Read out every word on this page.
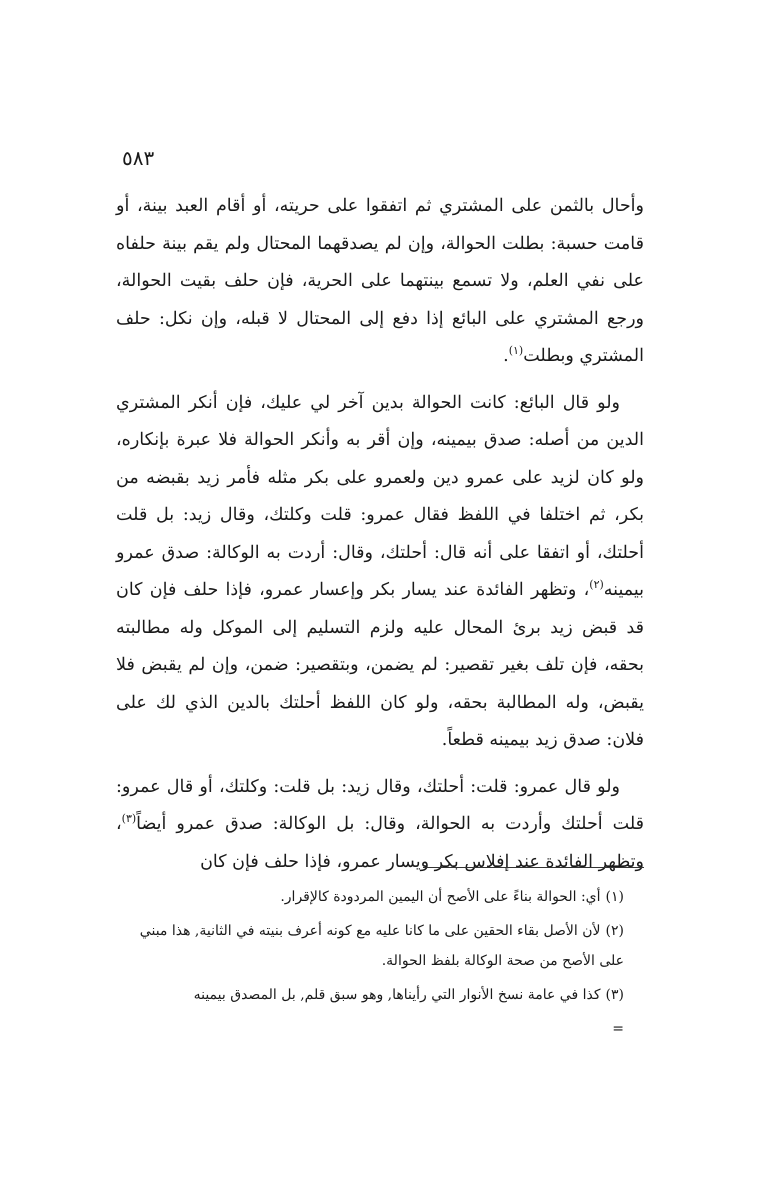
٥٨٣

وأحال بالثمن على المشتري ثم اتفقوا على حريته، أو أقام العبد بينة، أو قامت حسبة: بطلت الحوالة، وإن لم يصدقهما المحتال ولم يقم بينة حلفاه على نفي العلم، ولا تسمع بينتهما على الحرية، فإن حلف بقيت الحوالة، ورجع المشتري على البائع إذا دفع إلى المحتال لا قبله، وإن نكل: حلف المشتري وبطلت$^{(١)}$.

ولو قال البائع: كانت الحوالة بدين آخر لي عليك، فإن أنكر المشتري الدين من أصله: صدق بيمينه، وإن أقر به وأنكر الحوالة فلا عبرة بإنكاره، ولو كان لزيد على عمرو دين ولعمرو على بكر مثله فأمر زيد بقبضه من بكر، ثم اختلفا في اللفظ فقال عمرو: قلت وكلتك، وقال زيد: بل قلت أحلتك، أو اتفقا على أنه قال: أحلتك، وقال: أردت به الوكالة: صدق عمرو بيمينه$^{(٢)}$، وتظهر الفائدة عند يسار بكر وإعسار عمرو، فإذا حلف فإن كان قد قبض زيد برئ المحال عليه ولزم التسليم إلى الموكل وله مطالبته بحقه، فإن تلف بغير تقصير: لم يضمن، وبتقصير: ضمن، وإن لم يقبض فلا يقبض، وله المطالبة بحقه، ولو كان اللفظ أحلتك بالدين الذي لك على فلان: صدق زيد بيمينه قطعاً.

ولو قال عمرو: قلت: أحلتك، وقال زيد: بل قلت: وكلتك، أو قال عمرو: قلت أحلتك وأردت به الحوالة، وقال: بل الوكالة: صدق عمرو أيضاً$^{(٣)}$، وتظهر الفائدة عند إفلاس بكر ويسار عمرو، فإذا حلف فإن كان

(١)أي: الحوالة بناءً على الأصح أن اليمين المردودة كالإقرار.
(٢)لأن الأصل بقاء الحقين على ما كانا عليه مع كونه أعرف بنيته في الثانية, هذا مبني على الأصح من صحة الوكالة بلفظ الحوالة.
(٣)كذا في عامة نسخ الأنوار التي رأيناها, وهو سبق قلم, بل المصدق بيمينه
=
